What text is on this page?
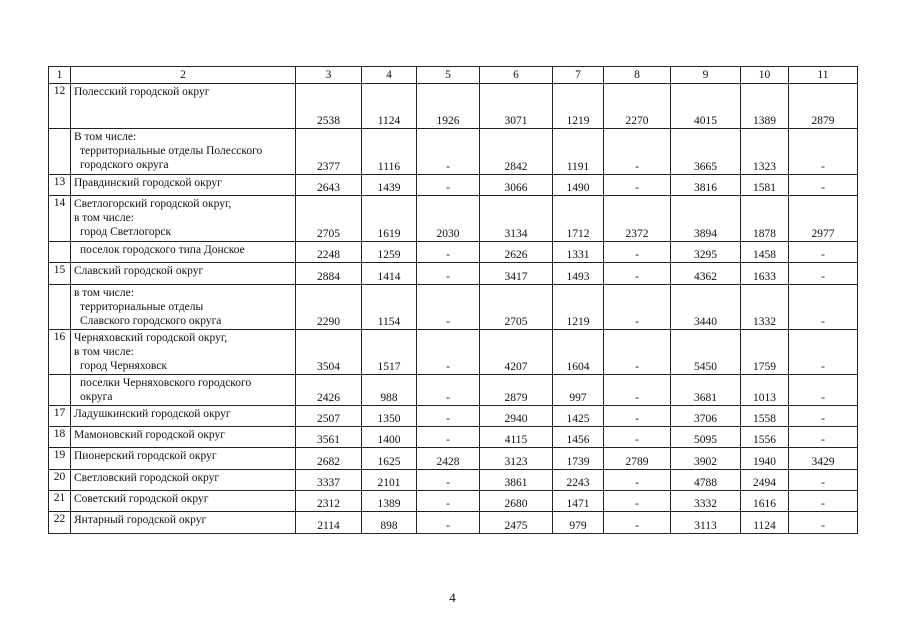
1	2	3	4	5	6	7	8	9	10	11
12	Полесский городской округ	2538	1124	1926	3071	1219	2270	4015	1389	2879

	В том числе:
территориальные отделы Полесского
городского округа	2377	1116	-	2842	1191	-	3665	1323	-
13	Правдинский городской округ	2643	1439	-	3066	1490	-	3816	1581	-
14	Светлогорский городской округ,
в том числе:
город Светлогорск	2705	1619	2030	3134	1712	2372	3894	1878	2977

	поселок городского типа Донское	2248	1259	-	2626	1331	-	3295	1458	-
15	Славский городской округ	2884	1414	-	3417	1493	-	4362	1633	-

	в том числе:
территориальные отделы
Славского городского округа	2290	1154	-	2705	1219	-	3440	1332	-
16	Черняховский городской округ,
в том числе:
город Черняховск	3504	1517	-	4207	1604	-	5450	1759	-

	поселки Черняховского городского
округа	2426	988	-	2879	997	-	3681	1013	-
17	Ладушкинский городской округ	2507	1350	-	2940	1425	-	3706	1558	-
18	Мамоновский городской округ	3561	1400	-	4115	1456	-	5095	1556	-
19	Пионерский городской округ	2682	1625	2428	3123	1739	2789	3902	1940	3429
20	Светловский городской округ	3337	2101	-	3861	2243	-	4788	2494	-
21	Советский городской округ	2312	1389	-	2680	1471	-	3332	1616	-
22	Янтарный городской округ	2114	898	-	2475	979	-	3113	1124	-
4
